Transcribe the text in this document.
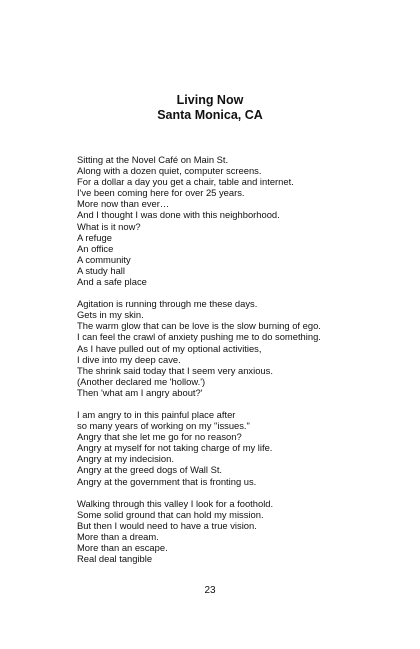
Living Now

Santa Monica, CA

Sitting at the Novel Café on Main St.
Along with a dozen quiet, computer screens.
For a dollar a day you get a chair, table and internet.
I've been coming here for over 25 years.
More now than ever…
And I thought I was done with this neighborhood.
What is it now?
A refuge
An office
A community
A study hall
And a safe place
Agitation is running through me these days.
Gets in my skin.
The warm glow that can be love is the slow burning of ego.
I can feel the crawl of anxiety pushing me to do something.
As I have pulled out of my optional activities,
I dive into my deep cave.
The shrink said today that I seem very anxious.
(Another declared me 'hollow.')
Then 'what am I angry about?'
I am angry to in this painful place after
so many years of working on my "issues."
Angry that she let me go for no reason?
Angry at myself for not taking charge of my life.
Angry at my indecision.
Angry at the greed dogs of Wall St.
Angry at the government that is fronting us.
Walking through this valley I look for a foothold.
Some solid ground that can hold my mission.
But then I would need to have a true vision.
More than a dream.
More than an escape.
Real deal tangible
23
